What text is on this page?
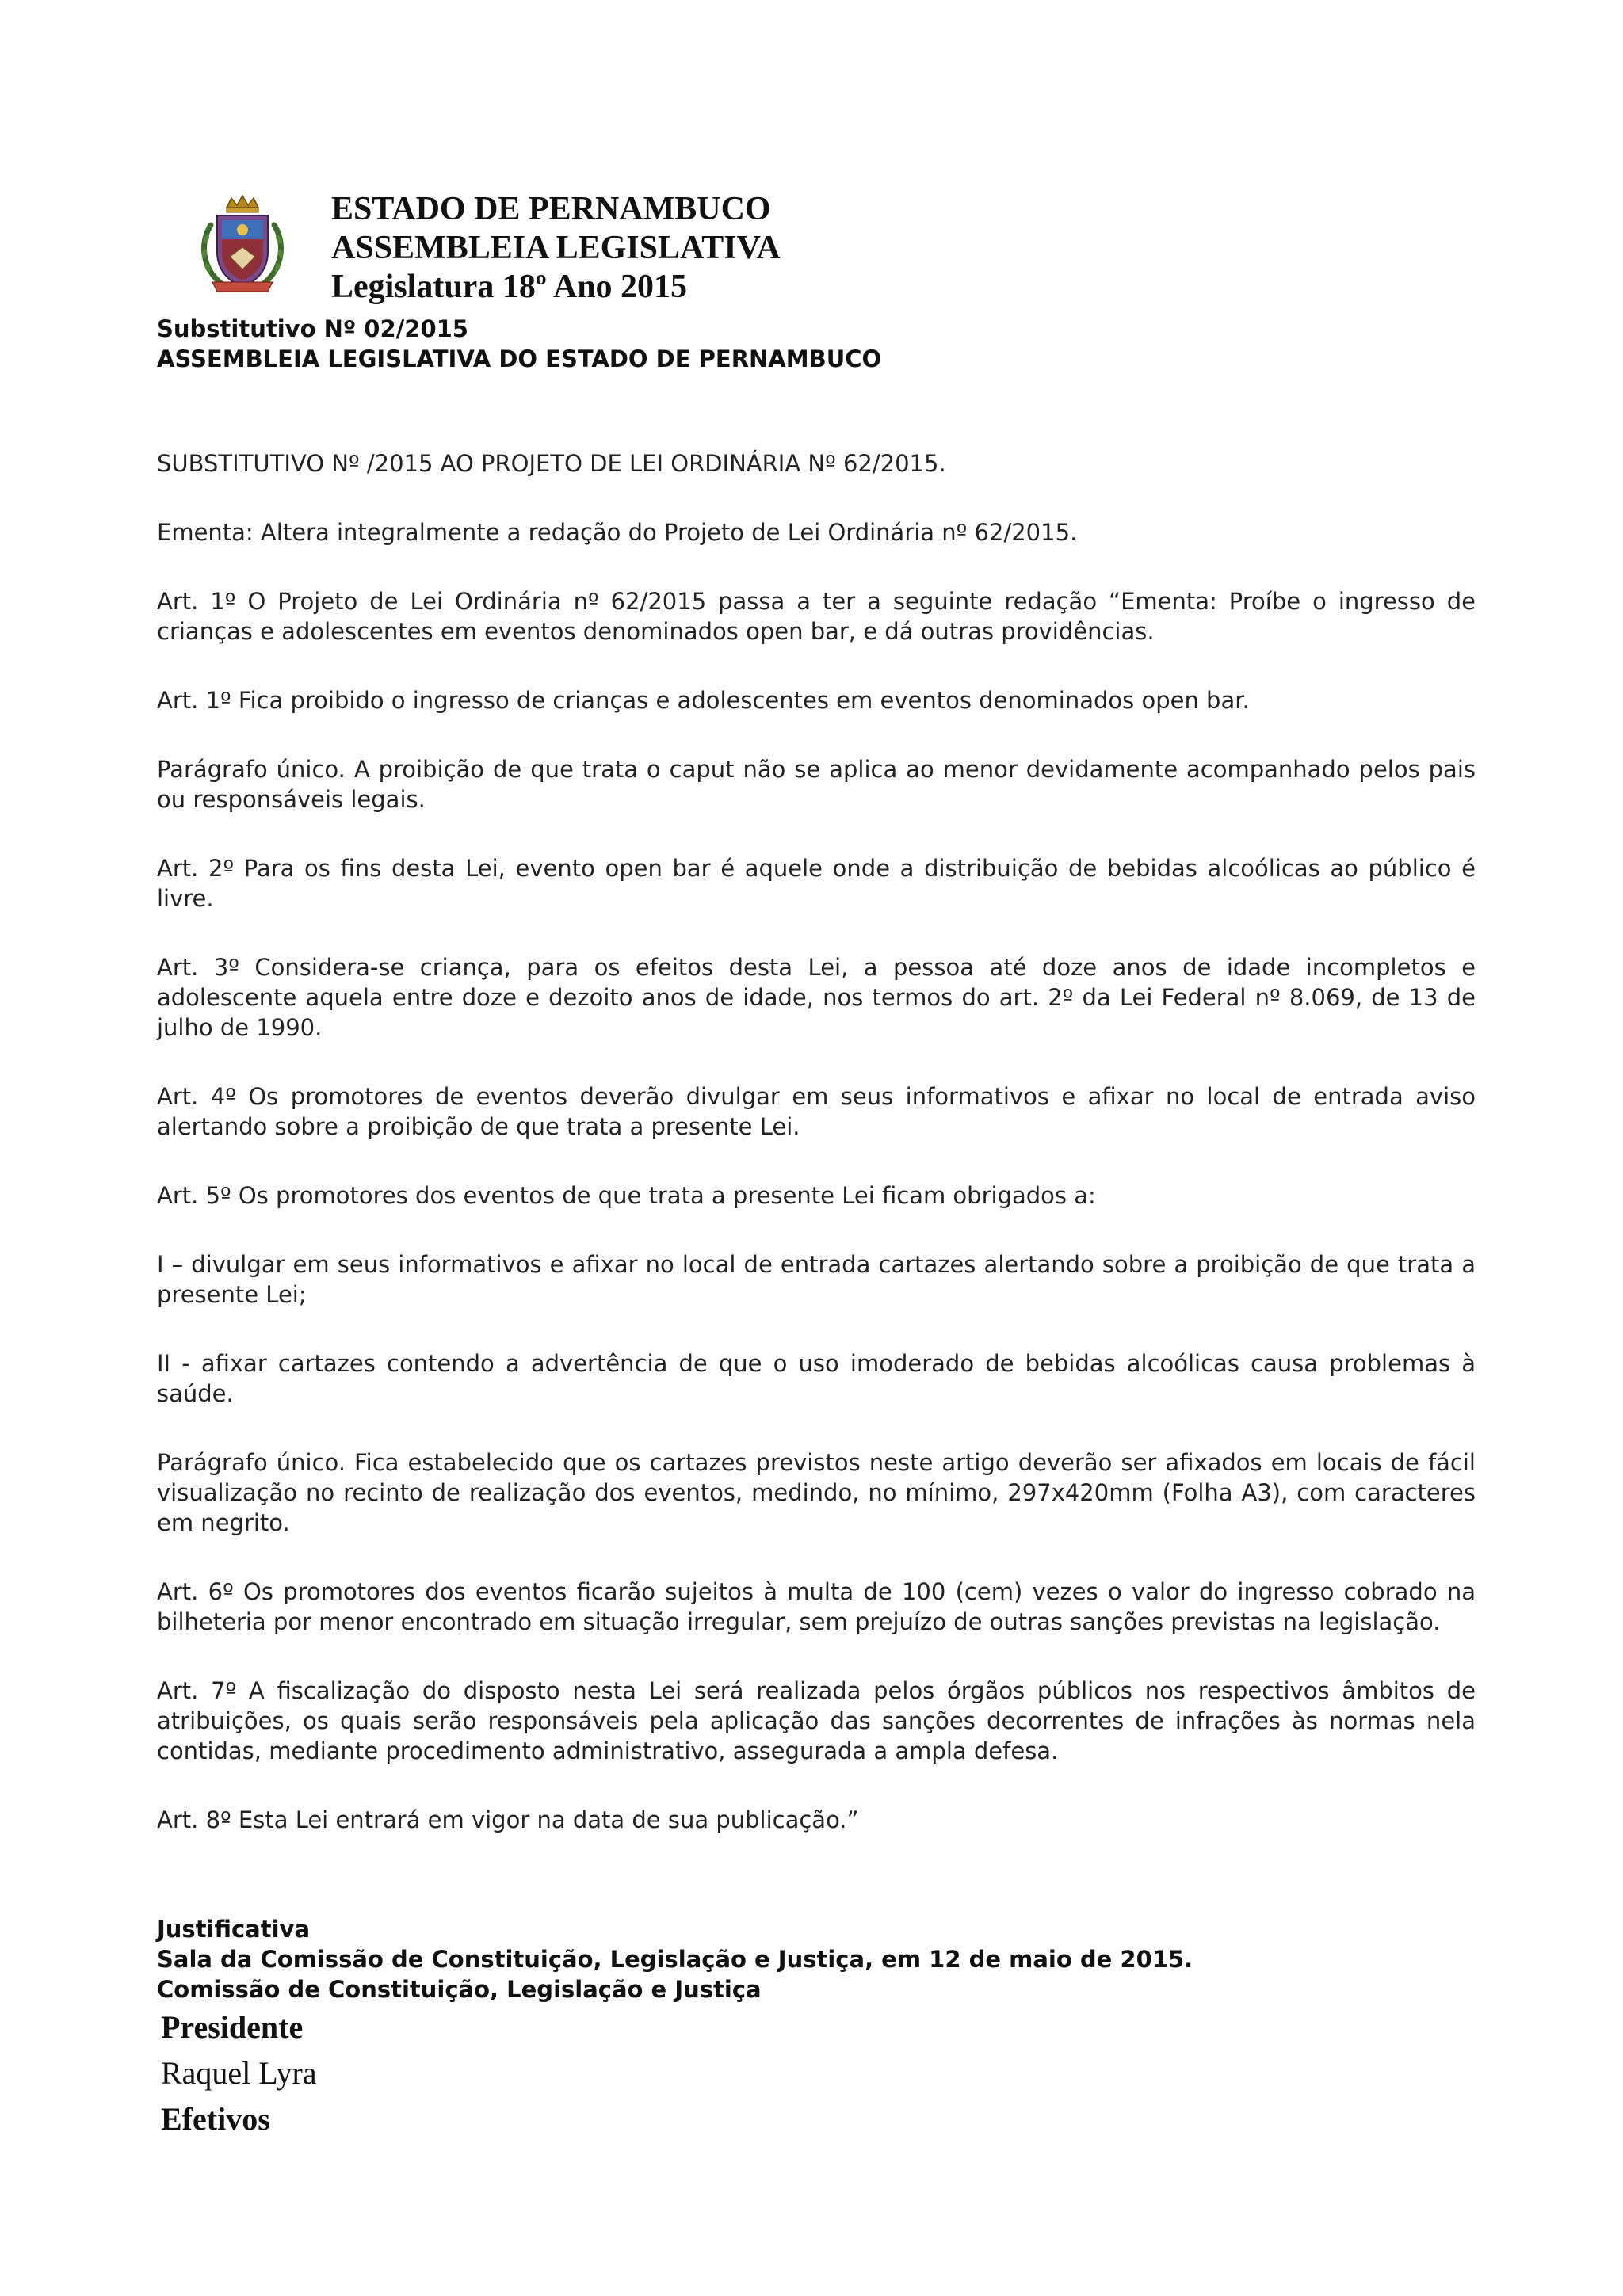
ESTADO DE PERNAMBUCO
ASSEMBLEIA LEGISLATIVA
Legislatura 18º Ano 2015
Substitutivo Nº 02/2015
ASSEMBLEIA LEGISLATIVA DO ESTADO DE PERNAMBUCO

SUBSTITUTIVO Nº /2015 AO PROJETO DE LEI ORDINÁRIA Nº 62/2015.

Ementa: Altera integralmente a redação do Projeto de Lei Ordinária nº 62/2015.

Art. 1º O Projeto de Lei Ordinária nº 62/2015 passa a ter a seguinte redação “Ementa: Proíbe o ingresso de crianças e adolescentes em eventos denominados open bar, e dá outras providências.

Art. 1º Fica proibido o ingresso de crianças e adolescentes em eventos denominados open bar.

Parágrafo único. A proibição de que trata o caput não se aplica ao menor devidamente acompanhado pelos pais ou responsáveis legais.

Art. 2º Para os fins desta Lei, evento open bar é aquele onde a distribuição de bebidas alcoólicas ao público é livre.

Art. 3º Considera-se criança, para os efeitos desta Lei, a pessoa até doze anos de idade incompletos e adolescente aquela entre doze e dezoito anos de idade, nos termos do art. 2º da Lei Federal nº 8.069, de 13 de julho de 1990.

Art. 4º Os promotores de eventos deverão divulgar em seus informativos e afixar no local de entrada aviso alertando sobre a proibição de que trata a presente Lei.

Art. 5º Os promotores dos eventos de que trata a presente Lei ficam obrigados a:

I – divulgar em seus informativos e afixar no local de entrada cartazes alertando sobre a proibição de que trata a presente Lei;

II - afixar cartazes contendo a advertência de que o uso imoderado de bebidas alcoólicas causa problemas à saúde.

Parágrafo único. Fica estabelecido que os cartazes previstos neste artigo deverão ser afixados em locais de fácil visualização no recinto de realização dos eventos, medindo, no mínimo, 297x420mm (Folha A3), com caracteres em negrito.

Art. 6º Os promotores dos eventos ficarão sujeitos à multa de 100 (cem) vezes o valor do ingresso cobrado na bilheteria por menor encontrado em situação irregular, sem prejuízo de outras sanções previstas na legislação.

Art. 7º A fiscalização do disposto nesta Lei será realizada pelos órgãos públicos nos respectivos âmbitos de atribuições, os quais serão responsáveis pela aplicação das sanções decorrentes de infrações às normas nela contidas, mediante procedimento administrativo, assegurada a ampla defesa.

Art. 8º Esta Lei entrará em vigor na data de sua publicação.”

Justificativa
Sala da Comissão de Constituição, Legislação e Justiça, em 12 de maio de 2015.
Comissão de Constituição, Legislação e Justiça
Presidente
Raquel Lyra
Efetivos
